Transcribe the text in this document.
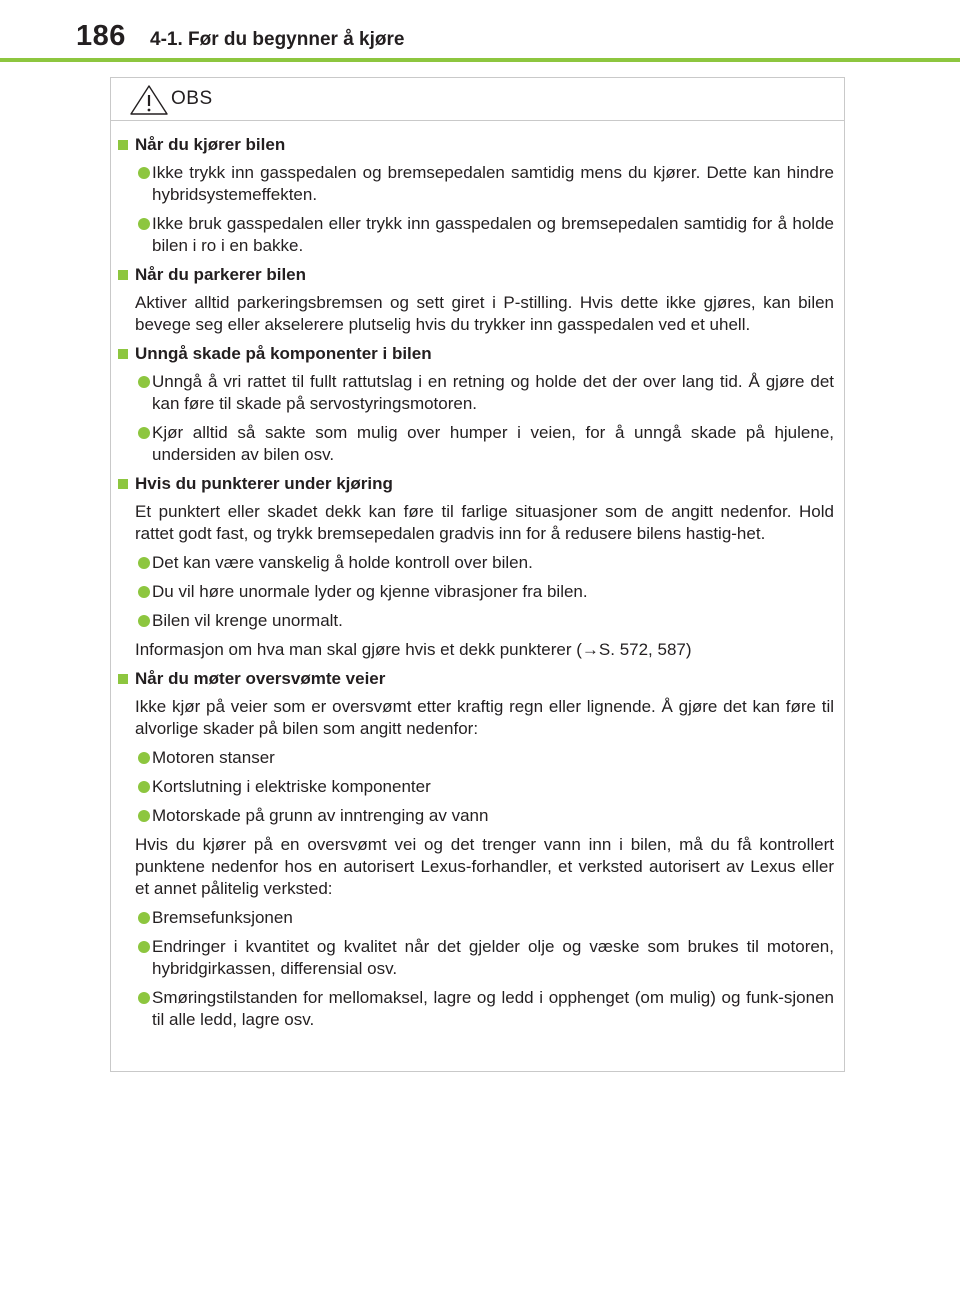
186 4-1. Før du begynner å kjøre
OBS
Når du kjører bilen
Ikke trykk inn gasspedalen og bremsepedalen samtidig mens du kjører. Dette kan hindre hybridsystemeffekten.
Ikke bruk gasspedalen eller trykk inn gasspedalen og bremsepedalen samtidig for å holde bilen i ro i en bakke.
Når du parkerer bilen
Aktiver alltid parkeringsbremsen og sett giret i P-stilling. Hvis dette ikke gjøres, kan bilen bevege seg eller akselerere plutselig hvis du trykker inn gasspedalen ved et uhell.
Unngå skade på komponenter i bilen
Unngå å vri rattet til fullt rattutslag i en retning og holde det der over lang tid. Å gjøre det kan føre til skade på servostyringsmotoren.
Kjør alltid så sakte som mulig over humper i veien, for å unngå skade på hjulene, undersiden av bilen osv.
Hvis du punkterer under kjøring
Et punktert eller skadet dekk kan føre til farlige situasjoner som de angitt nedenfor. Hold rattet godt fast, og trykk bremsepedalen gradvis inn for å redusere bilens hastig-het.
Det kan være vanskelig å holde kontroll over bilen.
Du vil høre unormale lyder og kjenne vibrasjoner fra bilen.
Bilen vil krenge unormalt.
Informasjon om hva man skal gjøre hvis et dekk punkterer (→S. 572, 587)
Når du møter oversvømte veier
Ikke kjør på veier som er oversvømt etter kraftig regn eller lignende. Å gjøre det kan føre til alvorlige skader på bilen som angitt nedenfor:
Motoren stanser
Kortslutning i elektriske komponenter
Motorskade på grunn av inntrenging av vann
Hvis du kjører på en oversvømt vei og det trenger vann inn i bilen, må du få kontrollert punktene nedenfor hos en autorisert Lexus-forhandler, et verksted autorisert av Lexus eller et annet pålitelig verksted:
Bremsefunksjonen
Endringer i kvantitet og kvalitet når det gjelder olje og væske som brukes til motoren, hybridgirkassen, differensial osv.
Smøringstilstanden for mellomaksel, lagre og ledd i opphenget (om mulig) og funk-sjonen til alle ledd, lagre osv.
